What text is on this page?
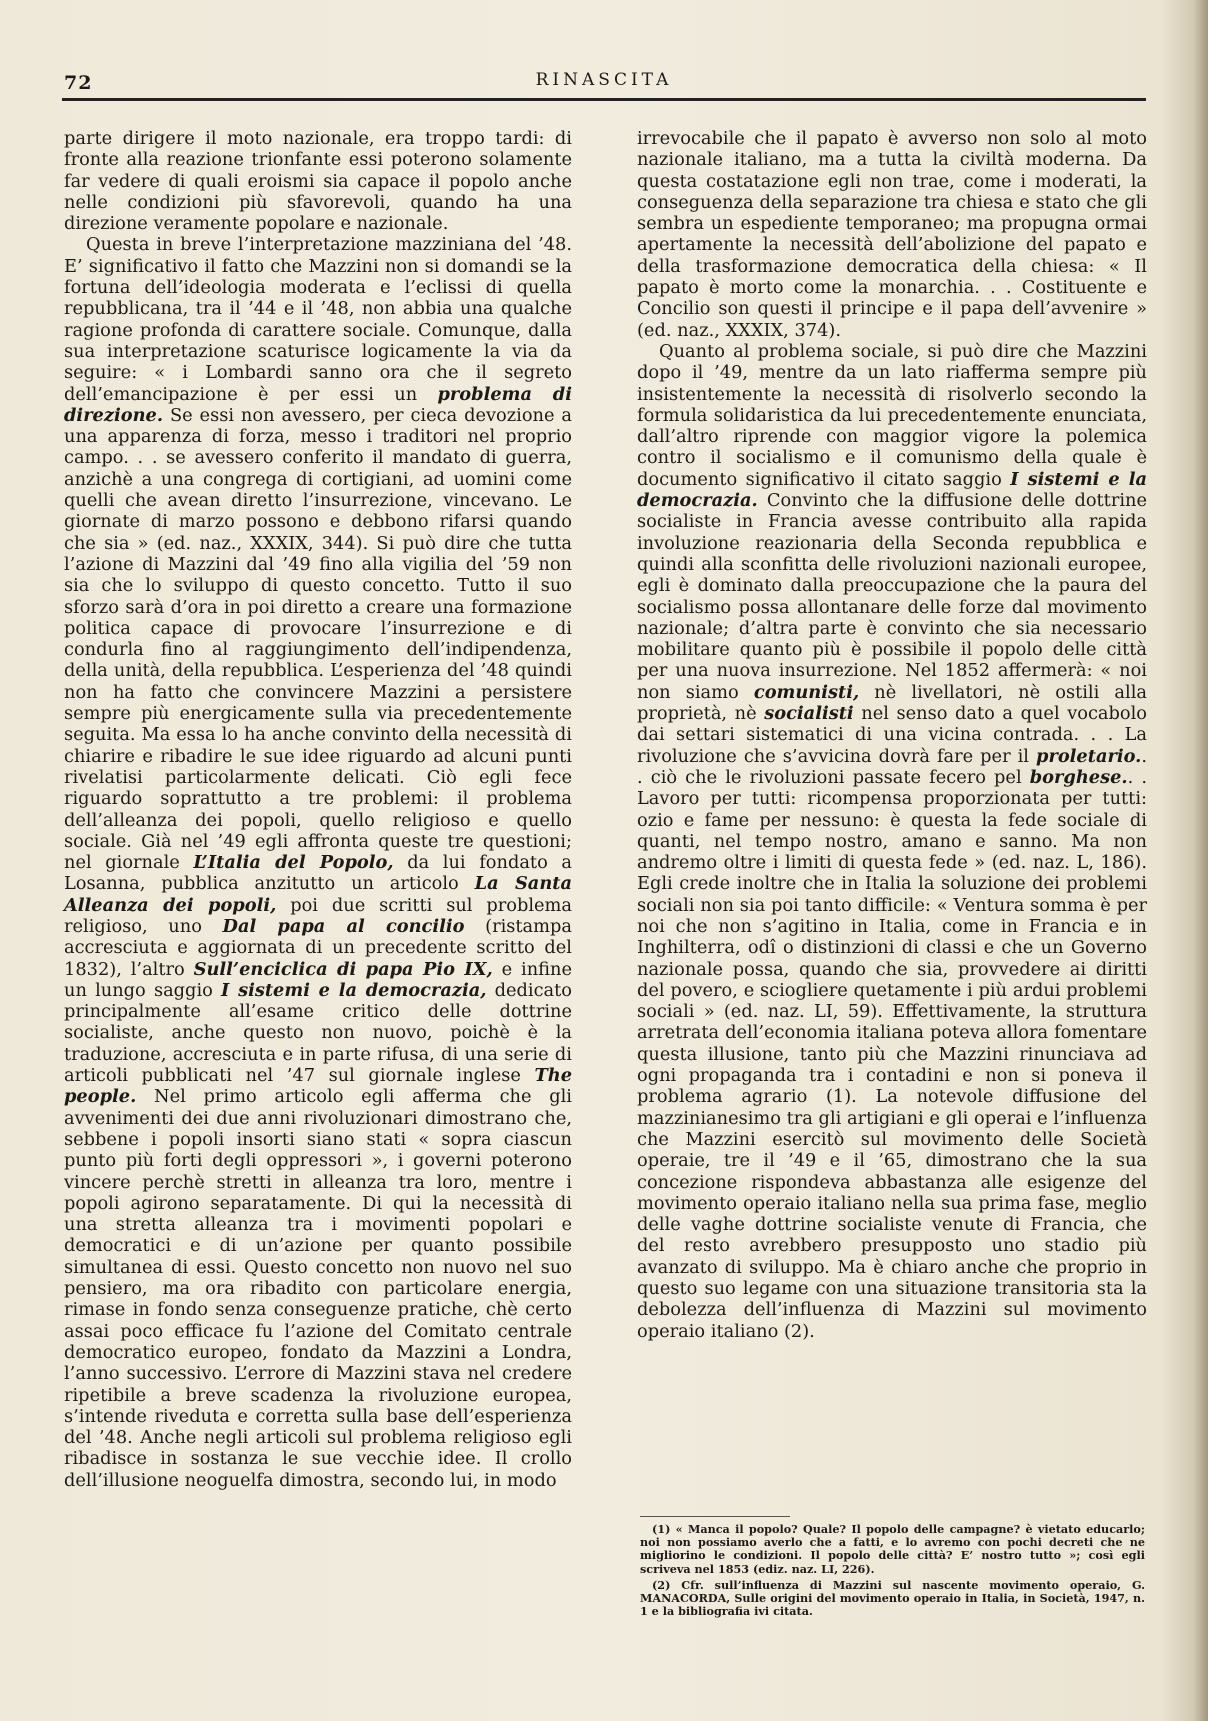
72	RINASCITA

parte dirigere il moto nazionale, era troppo tardi: di fronte alla reazione trionfante essi poterono solamente far vedere di quali eroismi sia capace il popolo anche nelle condizioni più sfavorevoli, quando ha una direzione veramente popolare e nazionale.

Questa in breve l’interpretazione mazziniana del ’48. E’ significativo il fatto che Mazzini non si domandi se la fortuna dell’ideologia moderata e l’eclissi di quella repubblicana, tra il ’44 e il ’48, non abbia una qualche ragione profonda di carattere sociale. Comunque, dalla sua interpretazione scaturisce logicamente la via da seguire: « i Lombardi sanno ora che il segreto dell’emancipazione è per essi un problema di direzione. Se essi non avessero, per cieca devozione a una apparenza di forza, messo i traditori nel proprio campo. . . se avessero conferito il mandato di guerra, anzichè a una congrega di cortigiani, ad uomini come quelli che avean diretto l’insurrezione, vincevano. Le giornate di marzo possono e debbono rifarsi quando che sia » (ed. naz., XXXIX, 344). Si può dire che tutta l’azione di Mazzini dal ’49 fino alla vigilia del ’59 non sia che lo sviluppo di questo concetto. Tutto il suo sforzo sarà d’ora in poi diretto a creare una formazione politica capace di provocare l’insurrezione e di condurla fino al raggiungimento dell’indipendenza, della unità, della repubblica. L’esperienza del ’48 quindi non ha fatto che convincere Mazzini a persistere sempre più energicamente sulla via precedentemente seguita. Ma essa lo ha anche convinto della necessità di chiarire e ribadire le sue idee riguardo ad alcuni punti rivelatisi particolarmente delicati. Ciò egli fece riguardo soprattutto a tre problemi: il problema dell’alleanza dei popoli, quello religioso e quello sociale. Già nel ’49 egli affronta queste tre questioni; nel giornale L’Italia del Popolo, da lui fondato a Losanna, pubblica anzitutto un articolo La Santa Alleanza dei popoli, poi due scritti sul problema religioso, uno Dal papa al concilio (ristampa accresciuta e aggiornata di un precedente scritto del 1832), l’altro Sull’enciclica di papa Pio IX, e infine un lungo saggio I sistemi e la democrazia, dedicato principalmente all’esame critico delle dottrine socialiste, anche questo non nuovo, poichè è la traduzione, accresciuta e in parte rifusa, di una serie di articoli pubblicati nel ’47 sul giornale inglese The people. Nel primo articolo egli afferma che gli avvenimenti dei due anni rivoluzionari dimostrano che, sebbene i popoli insorti siano stati « sopra ciascun punto più forti degli oppressori », i governi poterono vincere perchè stretti in alleanza tra loro, mentre i popoli agirono separatamente. Di qui la necessità di una stretta alleanza tra i movimenti popolari e democratici e di un’azione per quanto possibile simultanea di essi. Questo concetto non nuovo nel suo pensiero, ma ora ribadito con particolare energia, rimase in fondo senza conseguenze pratiche, chè certo assai poco efficace fu l’azione del Comitato centrale democratico europeo, fondato da Mazzini a Londra, l’anno successivo. L’errore di Mazzini stava nel credere ripetibile a breve scadenza la rivoluzione europea, s’intende riveduta e corretta sulla base dell’esperienza del ’48. Anche negli articoli sul problema religioso egli ribadisce in sostanza le sue vecchie idee. Il crollo dell’illusione neoguelfa dimostra, secondo lui, in modo

irrevocabile che il papato è avverso non solo al moto nazionale italiano, ma a tutta la civiltà moderna. Da questa costatazione egli non trae, come i moderati, la conseguenza della separazione tra chiesa e stato che gli sembra un espediente temporaneo; ma propugna ormai apertamente la necessità dell’abolizione del papato e della trasformazione democratica della chiesa: « Il papato è morto come la monarchia. . . Costituente e Concilio son questi il principe e il papa dell’avvenire » (ed. naz., XXXIX, 374).

Quanto al problema sociale, si può dire che Mazzini dopo il ’49, mentre da un lato riafferma sempre più insistentemente la necessità di risolverlo secondo la formula solidaristica da lui precedentemente enunciata, dall’altro riprende con maggior vigore la polemica contro il socialismo e il comunismo della quale è documento significativo il citato saggio I sistemi e la democrazia. Convinto che la diffusione delle dottrine socialiste in Francia avesse contribuito alla rapida involuzione reazionaria della Seconda repubblica e quindi alla sconfitta delle rivoluzioni nazionali europee, egli è dominato dalla preoccupazione che la paura del socialismo possa allontanare delle forze dal movimento nazionale; d’altra parte è convinto che sia necessario mobilitare quanto più è possibile il popolo delle città per una nuova insurrezione. Nel 1852 affermerà: « noi non siamo comunisti, nè livellatori, nè ostili alla proprietà, nè socialisti nel senso dato a quel vocabolo dai settari sistematici di una vicina contrada. . . La rivoluzione che s’avvicina dovrà fare per il proletario.. . ciò che le rivoluzioni passate fecero pel borghese.. . Lavoro per tutti: ricompensa proporzionata per tutti: ozio e fame per nessuno: è questa la fede sociale di quanti, nel tempo nostro, amano e sanno. Ma non andremo oltre i limiti di questa fede » (ed. naz. L, 186). Egli crede inoltre che in Italia la soluzione dei problemi sociali non sia poi tanto difficile: « Ventura somma è per noi che non s’agitino in Italia, come in Francia e in Inghilterra, odî o distinzioni di classi e che un Governo nazionale possa, quando che sia, provvedere ai diritti del povero, e sciogliere quetamente i più ardui problemi sociali » (ed. naz. LI, 59). Effettivamente, la struttura arretrata dell’economia italiana poteva allora fomentare questa illusione, tanto più che Mazzini rinunciava ad ogni propaganda tra i contadini e non si poneva il problema agrario (1). La notevole diffusione del mazzinianesimo tra gli artigiani e gli operai e l’influenza che Mazzini esercitò sul movimento delle Società operaie, tre il ’49 e il ’65, dimostrano che la sua concezione rispondeva abbastanza alle esigenze del movimento operaio italiano nella sua prima fase, meglio delle vaghe dottrine socialiste venute di Francia, che del resto avrebbero presupposto uno stadio più avanzato di sviluppo. Ma è chiaro anche che proprio in questo suo legame con una situazione transitoria sta la debolezza dell’influenza di Mazzini sul movimento operaio italiano (2).

(1) « Manca il popolo? Quale? Il popolo delle campagne? è vietato educarlo; noi non possiamo averlo che a fatti, e lo avremo con pochi decreti che ne migliorino le condizioni. Il popolo delle città? E’ nostro tutto »; così egli scriveva nel 1853 (ediz. naz. LI, 226).

(2) Cfr. sull’influenza di Mazzini sul nascente movimento operaio, G. MANACORDA, Sulle origini del movimento operaio in Italia, in Società, 1947, n. 1 e la bibliografia ivi citata.
